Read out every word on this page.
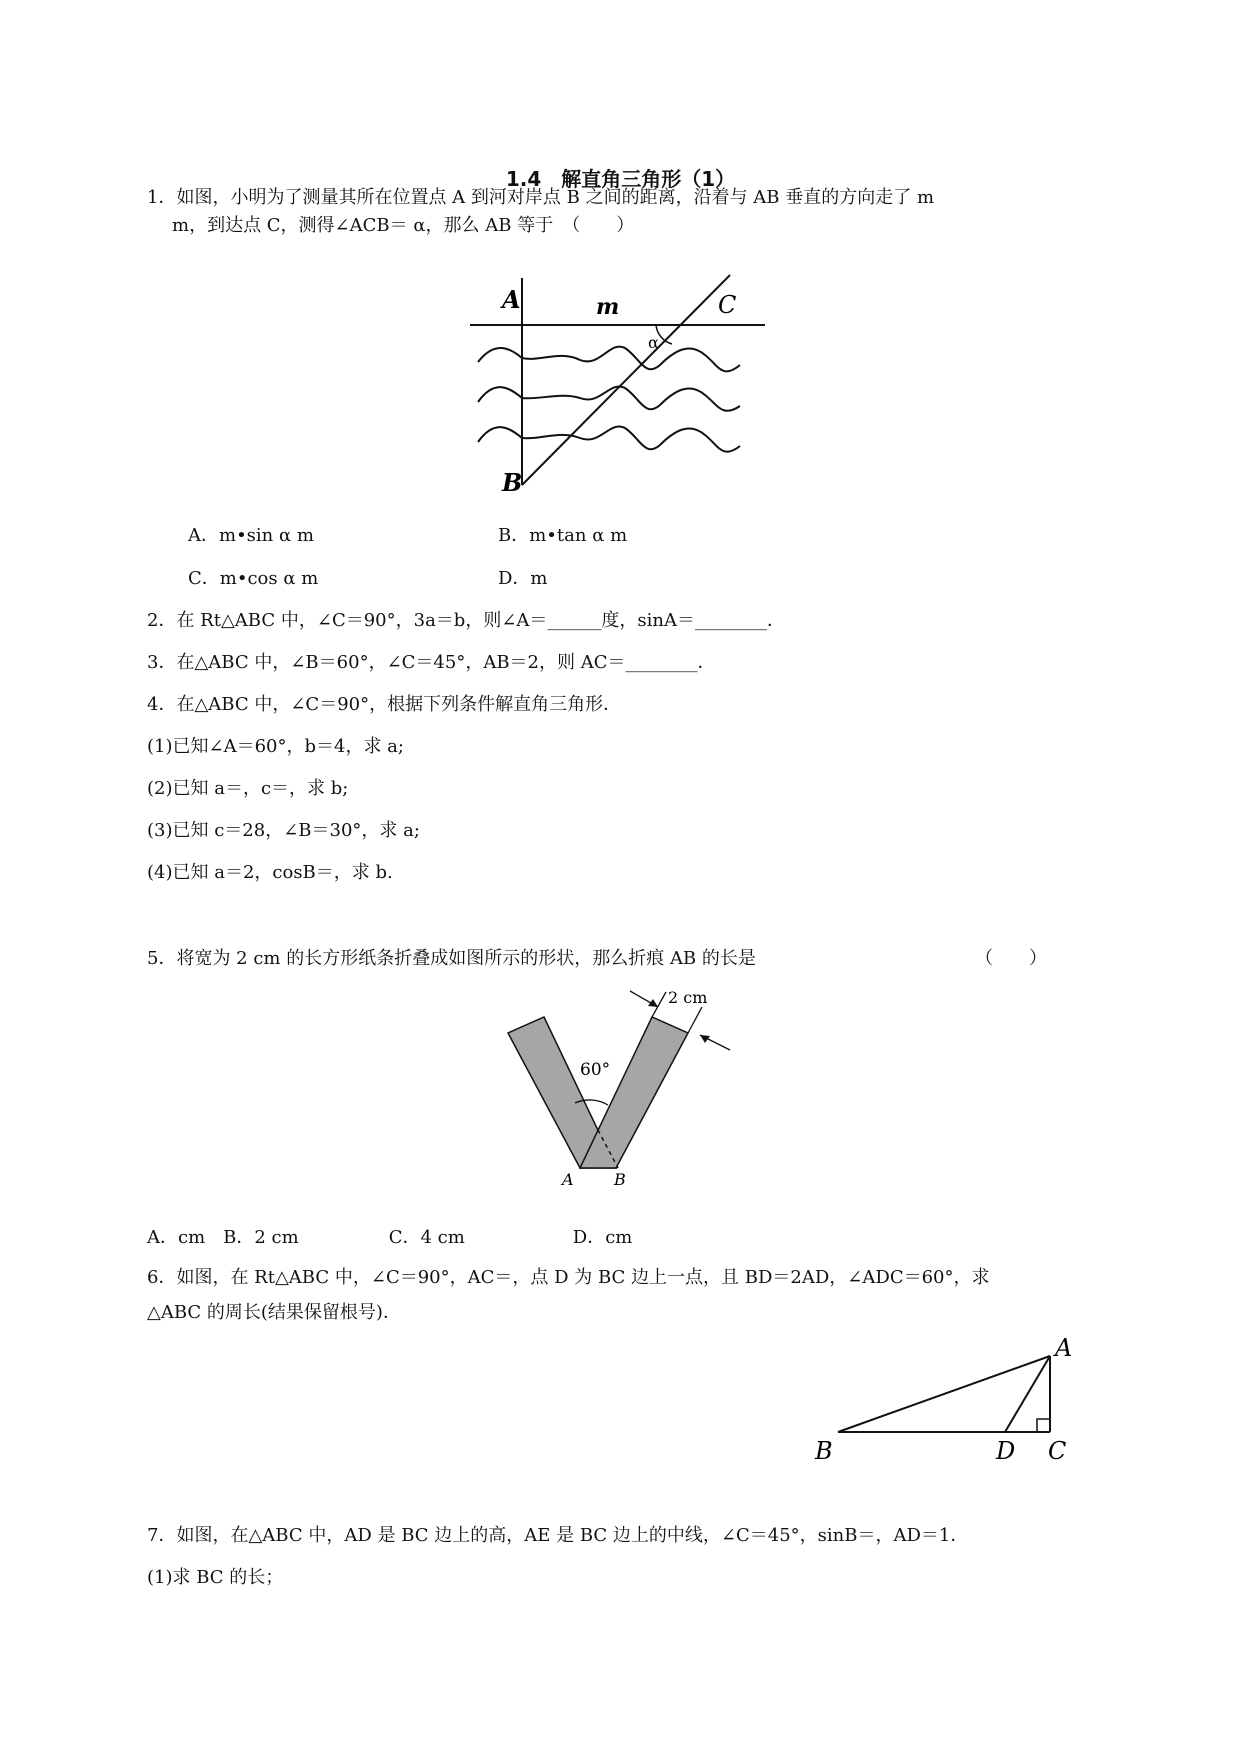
1.4　解直角三角形（1）
1．如图，小明为了测量其所在位置点 A 到河对岸点 B 之间的距离，沿着与 AB 垂直的方向走了 m
m，到达点 C，测得∠ACB＝ α，那么 AB 等于　（　　）
A	m	C
α
B
A．m•sin α m	B．m•tan α m
C．m•cos α m	D．m
2．在 Rt△ABC 中，∠C＝90°，3a＝b，则∠A＝______度，sinA＝________．
3．在△ABC 中，∠B＝60°，∠C＝45°，AB＝2，则 AC＝________．
4．在△ABC 中，∠C＝90°，根据下列条件解直角三角形．
(1)已知∠A＝60°，b＝4，求 a;
(2)已知 a＝，c＝，求 b;
(3)已知 c＝28，∠B＝30°，求 a;
(4)已知 a＝2，cosB＝，求 b.
5．将宽为 2 cm 的长方形纸条折叠成如图所示的形状，那么折痕 AB 的长是	（　　）
2 cm
60°
A	B
A．cm　B．2 cm　　　　　C．4 cm　　　　　　D．cm
6．如图，在 Rt△ABC 中，∠C＝90°，AC＝，点 D 为 BC 边上一点，且 BD＝2AD，∠ADC＝60°，求
△ABC 的周长(结果保留根号)．
A
B	D C
7．如图，在△ABC 中，AD 是 BC 边上的高，AE 是 BC 边上的中线，∠C＝45°，sinB＝，AD＝1．
(1)求 BC 的长；
